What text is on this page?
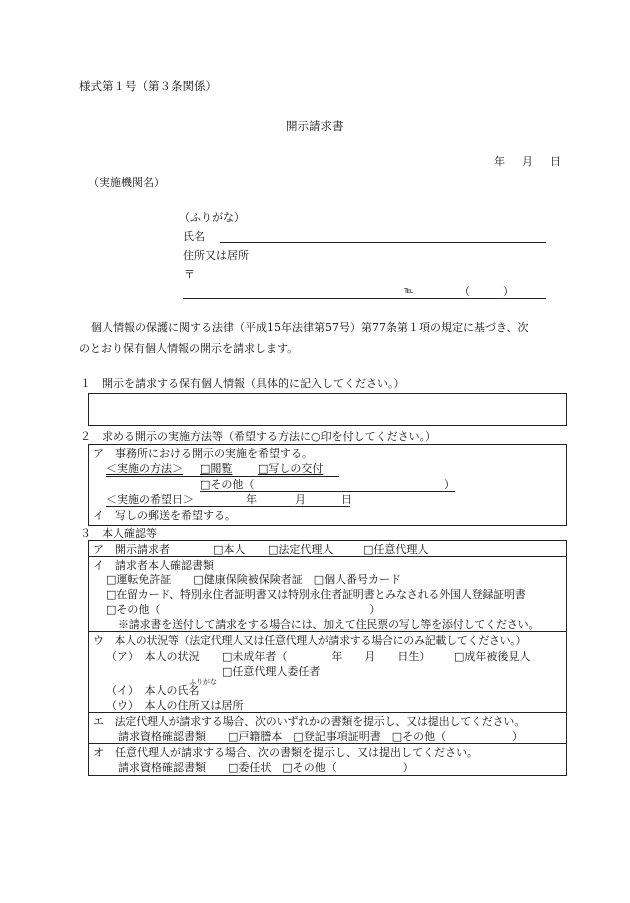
様式第１号（第３条関係）
開示請求書
年　月　日
（実施機関名）
（ふりがな）
氏名
住所又は居所
〒
℡	（　　　）
個人情報の保護に関する法律（平成15年法律第57号）第77条第１項の規定に基づき、次
のとおり保有個人情報の開示を請求します。
１　開示を請求する保有個人情報（具体的に記入してください。）
２　求める開示の実施方法等（希望する方法に○印を付してください。）
ア　事務所における開示の実施を希望する。
＜実施の方法＞ □閲覧 □写しの交付
□その他（	）
＜実施の希望日＞	年	月	日
イ　写しの郵送を希望する。
３　本人確認等
ア　開示請求者	□本人 □法定代理人	□任意代理人
イ　請求者本人確認書類
□運転免許証　　□健康保険被保険者証　□個人番号カード
□在留カード、特別永住者証明書又は特別永住者証明書とみなされる外国人登録証明書
□その他（　　　　　　　　　　　　　　　　　　　）
※請求書を送付して請求をする場合には、加えて住民票の写し等を添付してください。
ウ　本人の状況等（法定代理人又は任意代理人が請求する場合にのみ記載してください。）
（ア）　本人の状況 □未成年者（　　　　年　　月　　日生） □成年被後見人
□任意代理人委任者
ふりがな
（イ）　本人の氏名
（ウ）　本人の住所又は居所
エ　法定代理人が請求する場合、次のいずれかの書類を提示し、又は提出してください。
請求資格確認書類　　□戸籍謄本　□登記事項証明書　□その他（　　　　　　）
オ　任意代理人が請求する場合、次の書類を提示し、又は提出してください。
請求資格確認書類　　□委任状　□その他（　　　　　　）
